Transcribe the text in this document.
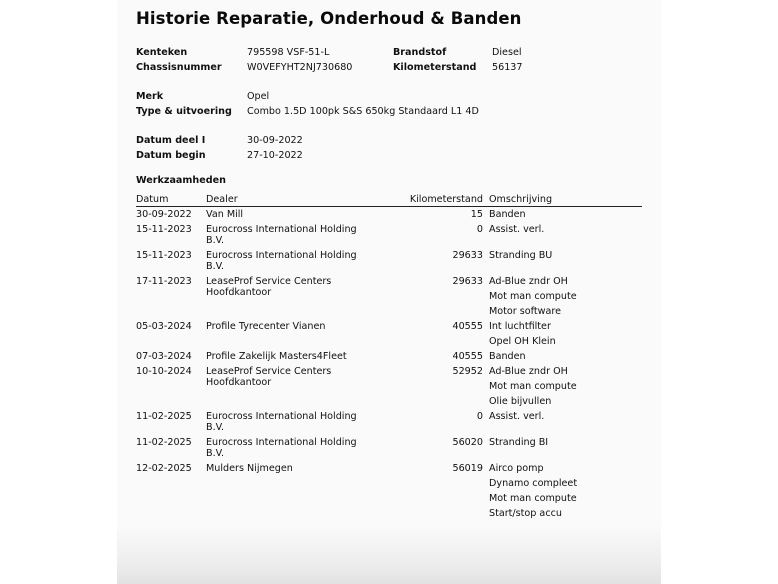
Historie Reparatie, Onderhoud & Banden
Kenteken	795598 VSF-51-L	Brandstof	Diesel
Chassisnummer	W0VEFYHT2NJ730680	Kilometerstand 56137
Merk	Opel
Type & uitvoering Combo 1.5D 100pk S&S 650kg Standaard L1 4D
Datum deel I	30-09-2022
Datum begin	27-10-2022
Werkzaamheden
Datum	Dealer	Kilometerstand	Omschrijving
30-09-2022	Van Mill	15	Banden

15-11-2023	Eurocross International Holding B.V.	0	Assist. verl.

15-11-2023	Eurocross International Holding B.V.	29633	Stranding BU

17-11-2023	LeaseProf Service Centers Hoofdkantoor	29633	Ad-Blue zndr OH
Mot man compute
Motor software

05-03-2024	Profile Tyrecenter Vianen	40555	Int luchtfilter
Opel OH Klein

07-03-2024	Profile Zakelijk Masters4Fleet	40555	Banden

10-10-2024	LeaseProf Service Centers Hoofdkantoor	52952	Ad-Blue zndr OH
Mot man compute
Olie bijvullen

11-02-2025	Eurocross International Holding B.V.	0	Assist. verl.

11-02-2025	Eurocross International Holding B.V.	56020	Stranding BI

12-02-2025	Mulders Nijmegen	56019	Airco pomp
Dynamo compleet
Mot man compute
Start/stop accu
